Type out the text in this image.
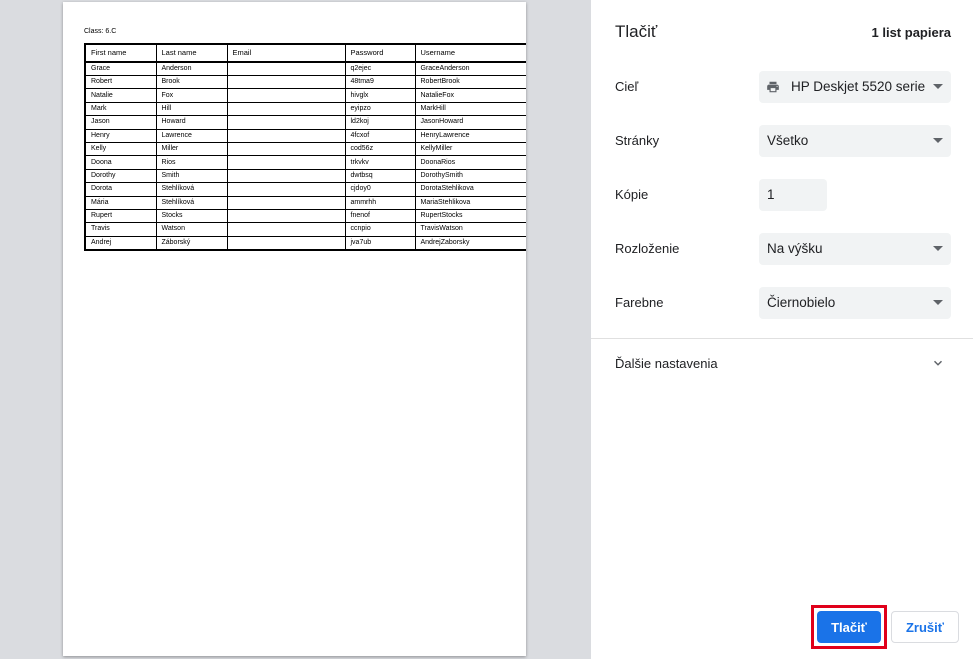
Class: 6.C
First name	Last name	Email	Password	Username
Grace	Anderson		q2ejec	GraceAnderson
Robert	Brook		48tma9	RobertBrook
Natalie	Fox		hivglx	NatalieFox
Mark	Hill		eyipzo	MarkHill
Jason	Howard		ld2koj	JasonHoward
Henry	Lawrence		4fcxof	HenryLawrence
Kelly	Miller		cod56z	KellyMiller
Doona	Rios		trkvkv	DoonaRios
Dorothy	Smith		dwtbsq	DorothySmith
Dorota	Stehlíková		cjdoy0	DorotaStehlikova
Mária	Stehlíková		ammrhh	MariaStehlikova
Rupert	Stocks		fnenof	RupertStocks
Travis	Watson		ccnpio	TravisWatson
Andrej	Záborský		jva7ub	AndrejZaborsky
Tlačiť	1 list papiera
Cieľ	HP Deskjet 5520 serie
Stránky	Všetko
Kópie	1
Rozloženie	Na výšku
Farebne	Čiernobielo
Ďalšie nastavenia
Tlačiť	Zrušiť
